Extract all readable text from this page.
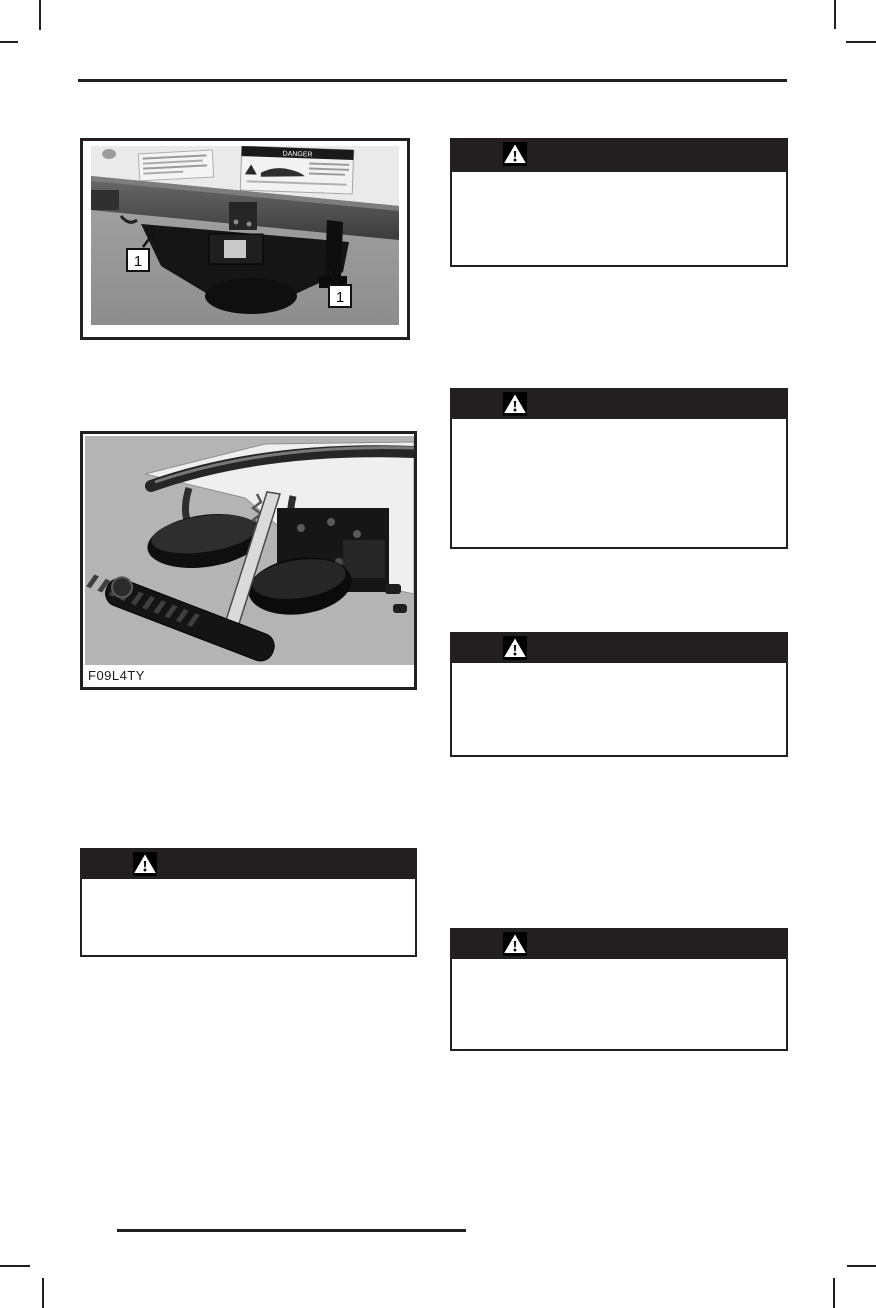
DANGER
1
1
F09L4TY
